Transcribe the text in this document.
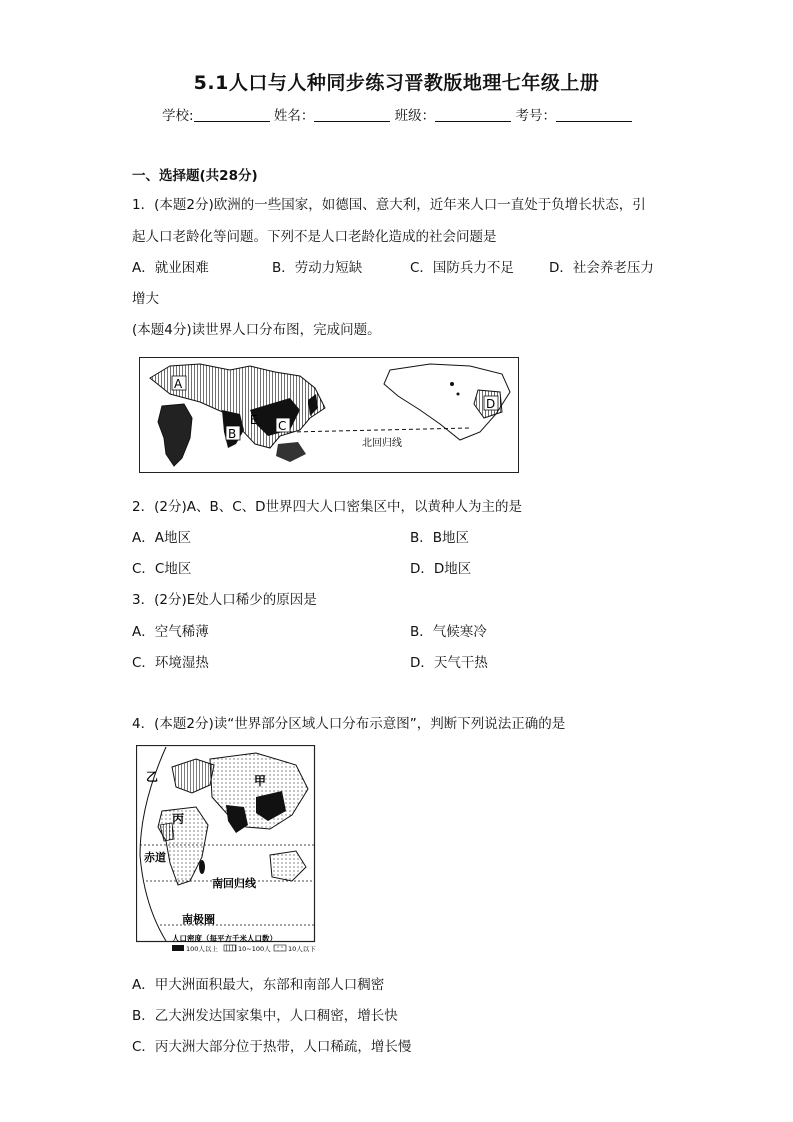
5.1人口与人种同步练习晋教版地理七年级上册
学校:	姓名：	班级：	考号：
一、选择题(共28分)
1．(本题2分)欧洲的一些国家，如德国、意大利，近年来人口一直处于负增长状态，引
起人口老龄化等问题。下列不是人口老龄化造成的社会问题是
A．就业困难	B．劳动力短缺	C．国防兵力不足	D．社会养老压力
增大
(本题4分)读世界人口分布图，完成问题。
A
B
C
D
E
北回归线
2．(2分)A、B、C、D世界四大人口密集区中，以黄种人为主的是
A．A地区	B．B地区
C．C地区	D．D地区
3．(2分)E处人口稀少的原因是
A．空气稀薄	B．气候寒冷
C．环境湿热	D．天气干热
4．(本题2分)读“世界部分区域人口分布示意图”，判断下列说法正确的是
甲
乙
丙
赤道
南回归线
南极圈
人口密度（每平方千米人口数）
100人以上	10~100人	10人以下
A．甲大洲面积最大，东部和南部人口稠密
B．乙大洲发达国家集中，人口稠密，增长快
C．丙大洲大部分位于热带，人口稀疏，增长慢
